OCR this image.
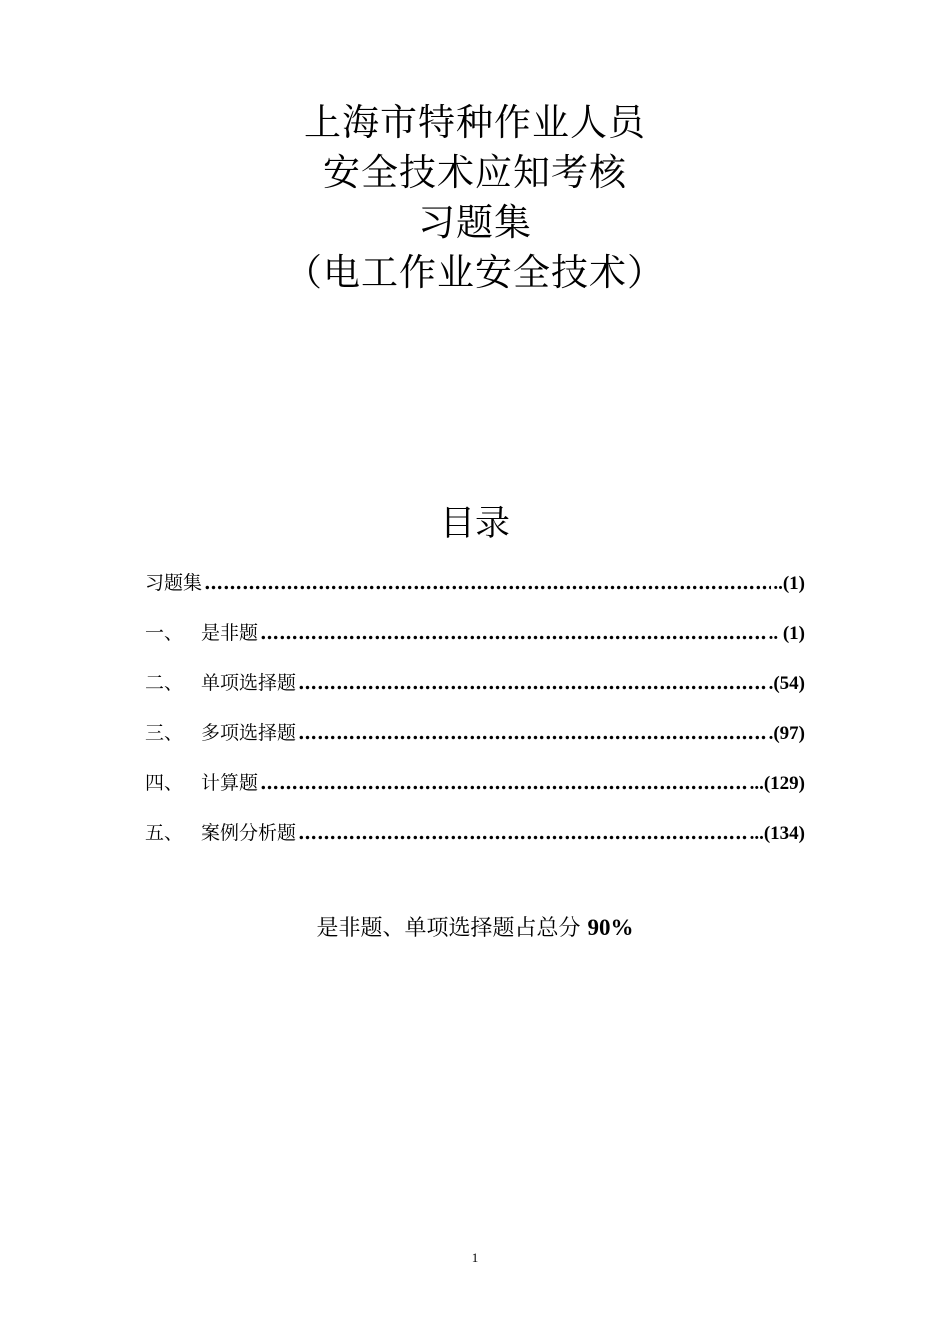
上海市特种作业人员
安全技术应知考核
习题集
（电工作业安全技术）
目录
习题集 ……………………………………………………………………………………………………………………………………	..(1)
一、 是非题 ……………………………………………………………………………………………………………………………………	.. (1)
二、 单项选择题 ……………………………………………………………………………………………………………………………………	.(54)
三、 多项选择题 ……………………………………………………………………………………………………………………………………	.(97)
四、 计算题 ……………………………………………………………………………………………………………………………………	...(129)
五、 案例分析题 ……………………………………………………………………………………………………………………………………	...(134)
是非题、单项选择题占总分 90%
1
